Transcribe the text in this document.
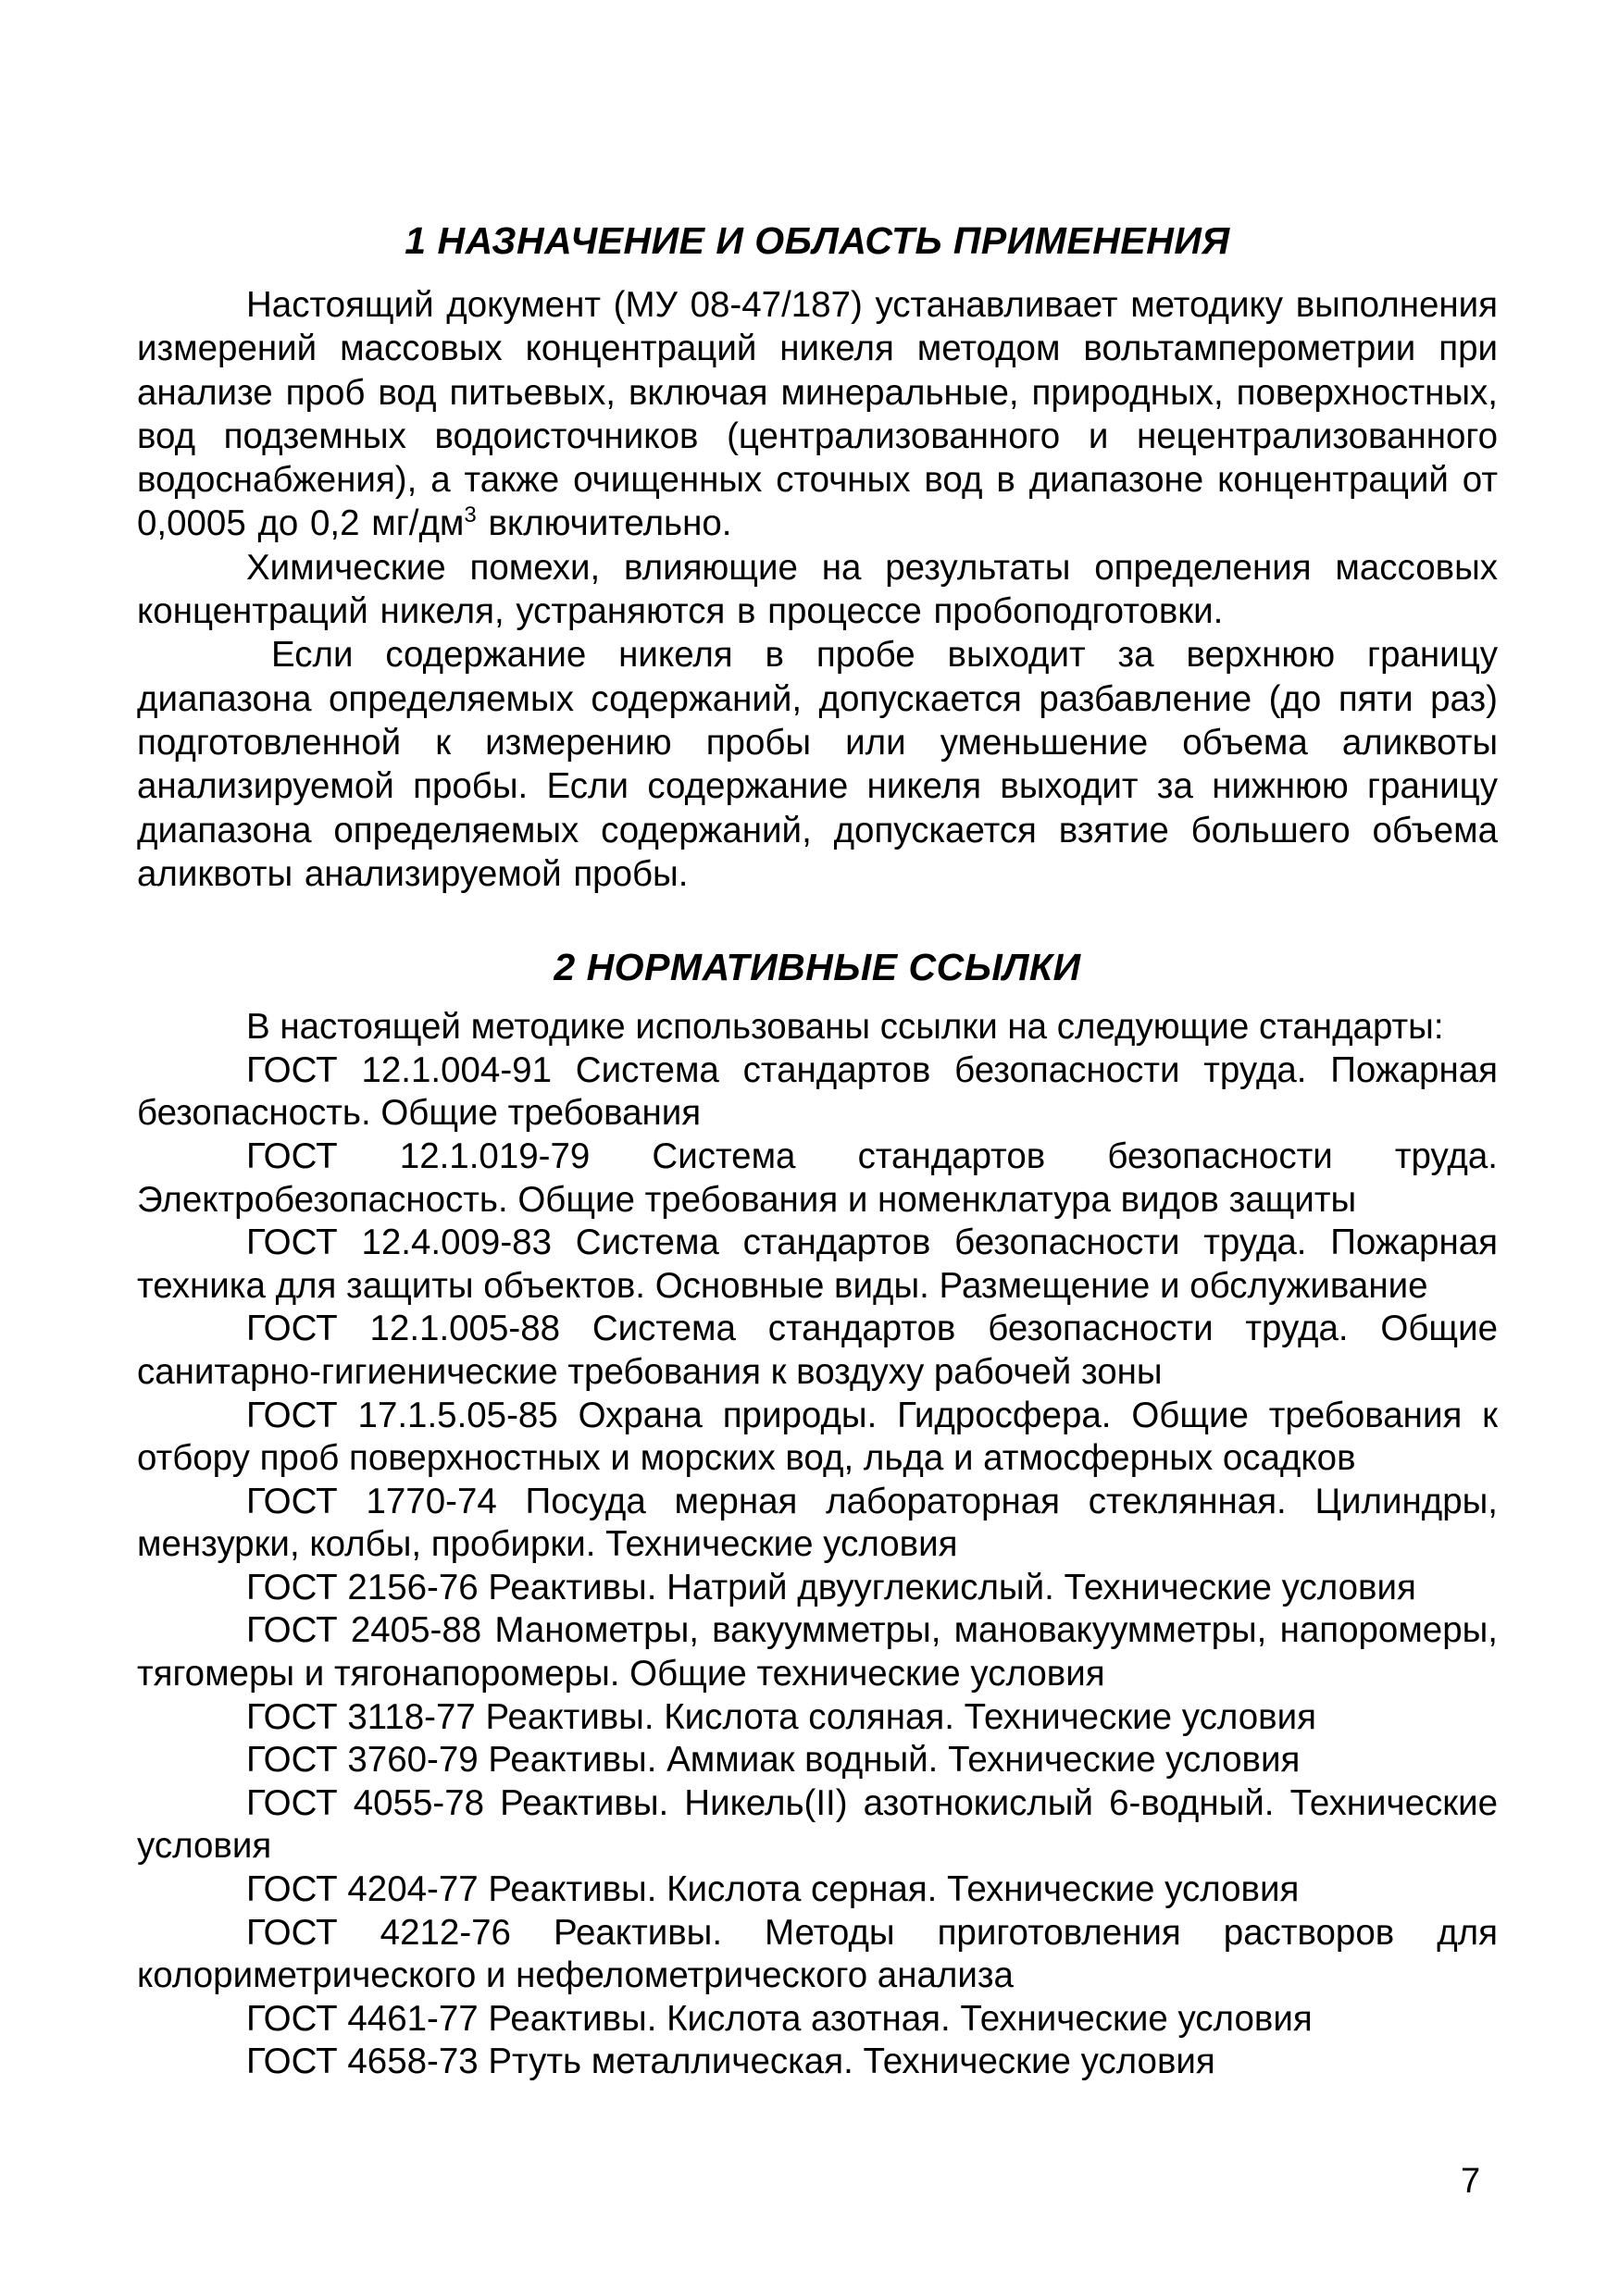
1 НАЗНАЧЕНИЕ И ОБЛАСТЬ ПРИМЕНЕНИЯ

Настоящий документ (МУ 08-47/187) устанавливает методику выполнения измерений массовых концентраций никеля методом вольтамперометрии при анализе проб вод питьевых, включая минеральные, природных, поверхностных, вод подземных водоисточников (централизованного и нецентрализованного водоснабжения), а также очищенных сточных вод в диапазоне концентраций от 0,0005 до 0,2 $мг/дм^3$ включительно.

Химические помехи, влияющие на результаты определения массовых концентраций никеля, устраняются в процессе пробоподготовки.

Если содержание никеля в пробе выходит за верхнюю границу диапазона определяемых содержаний, допускается разбавление (до пяти раз) подготовленной к измерению пробы или уменьшение объема аликвоты анализируемой пробы. Если содержание никеля выходит за нижнюю границу диапазона определяемых содержаний, допускается взятие большего объема аликвоты анализируемой пробы.

2 НОРМАТИВНЫЕ ССЫЛКИ

В настоящей методике использованы ссылки на следующие стандарты:

ГОСТ 12.1.004-91 Система стандартов безопасности труда. Пожарная безопасность. Общие требования

ГОСТ 12.1.019-79 Система стандартов безопасности труда. Электробезопасность. Общие требования и номенклатура видов защиты

ГОСТ 12.4.009-83 Система стандартов безопасности труда. Пожарная техника для защиты объектов. Основные виды. Размещение и обслуживание

ГОСТ 12.1.005-88 Система стандартов безопасности труда. Общие санитарно-гигиенические требования к воздуху рабочей зоны

ГОСТ 17.1.5.05-85 Охрана природы. Гидросфера. Общие требования к отбору проб поверхностных и морских вод, льда и атмосферных осадков

ГОСТ 1770-74 Посуда мерная лабораторная стеклянная. Цилиндры, мензурки, колбы, пробирки. Технические условия

ГОСТ 2156-76 Реактивы. Натрий двууглекислый. Технические условия

ГОСТ 2405-88 Манометры, вакуумметры, мановакуумметры, напоромеры, тягомеры и тягонапоромеры. Общие технические условия

ГОСТ 3118-77 Реактивы. Кислота соляная. Технические условия

ГОСТ 3760-79 Реактивы. Аммиак водный. Технические условия

ГОСТ 4055-78 Реактивы. Никель(II) азотнокислый 6-водный. Технические условия

ГОСТ 4204-77 Реактивы. Кислота серная. Технические условия

ГОСТ 4212-76 Реактивы. Методы приготовления растворов для колориметрического и нефелометрического анализа

ГОСТ 4461-77 Реактивы. Кислота азотная. Технические условия

ГОСТ 4658-73 Ртуть металлическая. Технические условия

7
